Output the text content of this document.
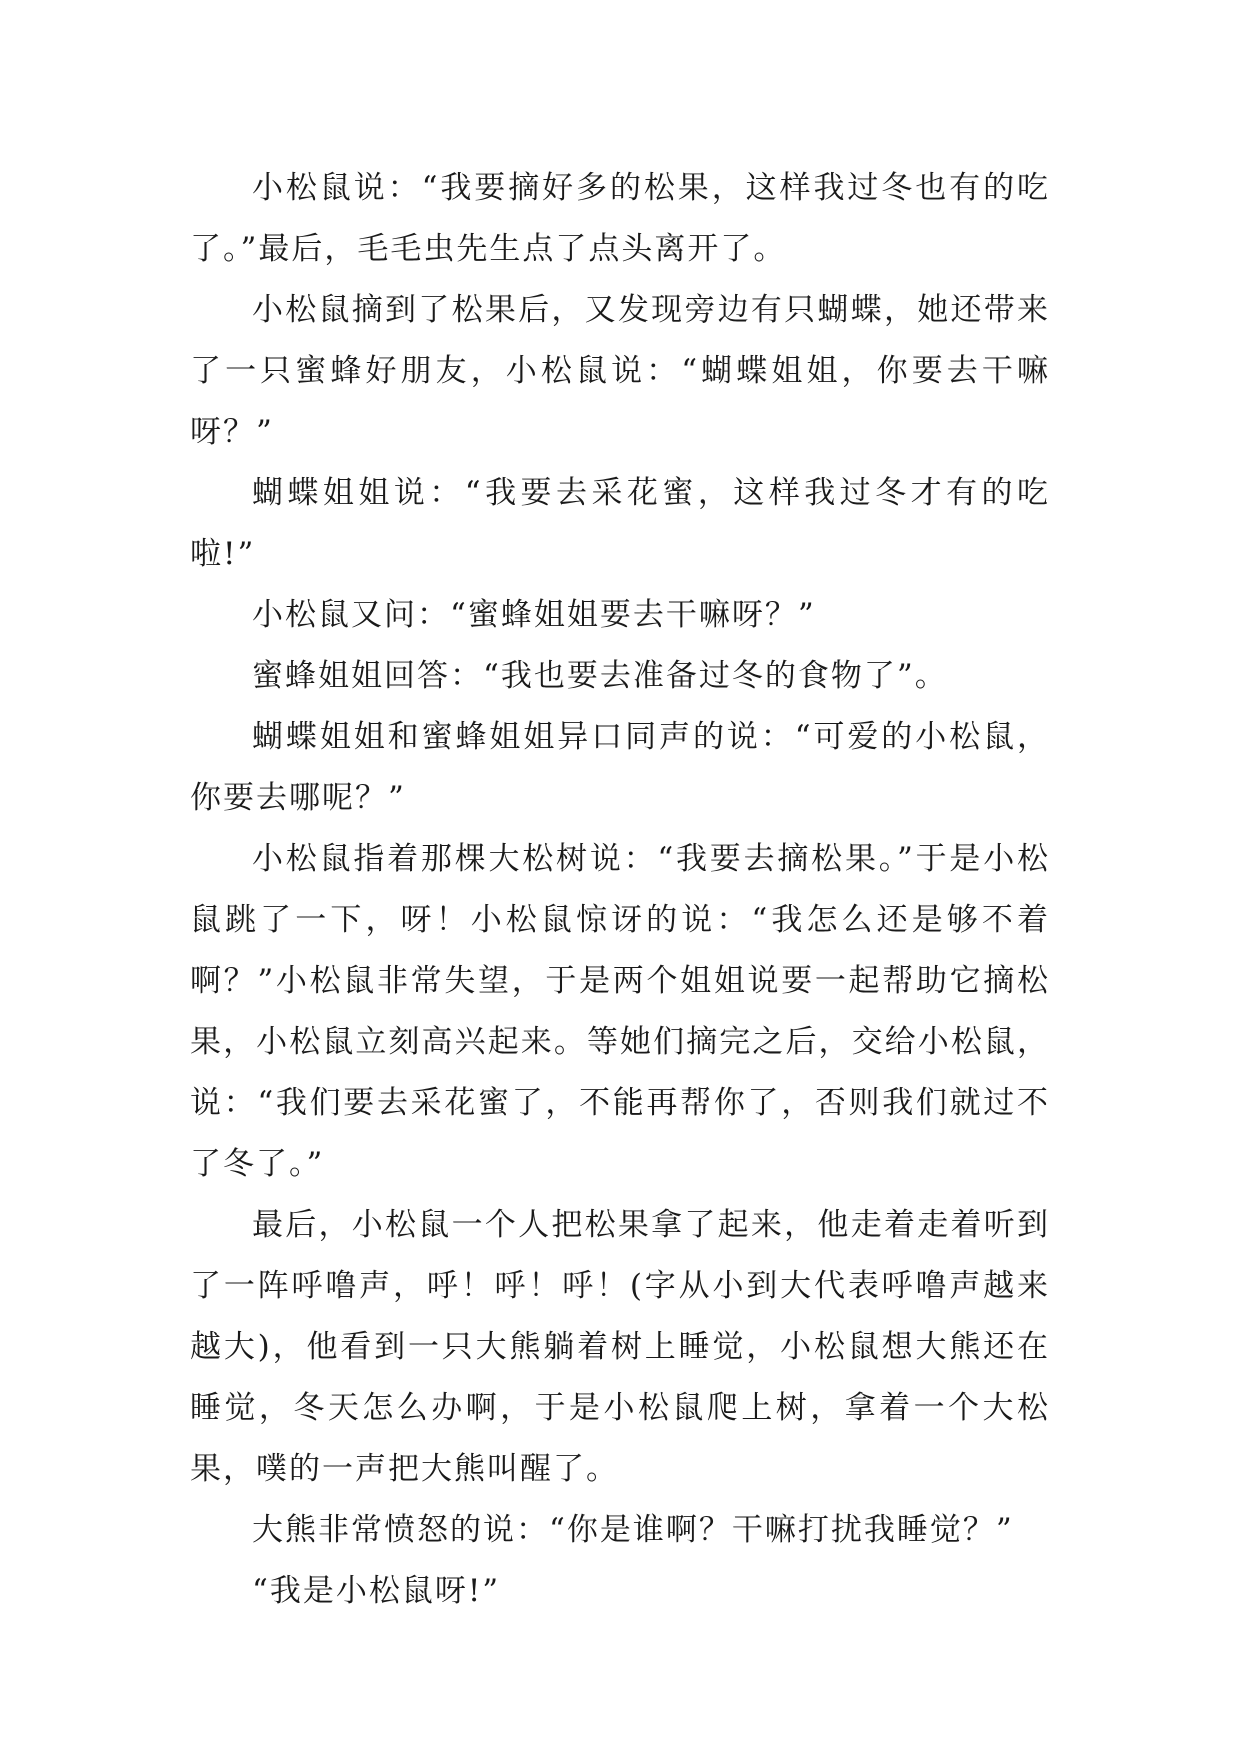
小松鼠说：“我要摘好多的松果，这样我过冬也有的吃了。”最后，毛毛虫先生点了点头离开了。

小松鼠摘到了松果后，又发现旁边有只蝴蝶，她还带来了一只蜜蜂好朋友，小松鼠说：“蝴蝶姐姐，你要去干嘛呀？”

蝴蝶姐姐说：“我要去采花蜜，这样我过冬才有的吃啦!”

小松鼠又问：“蜜蜂姐姐要去干嘛呀？”

蜜蜂姐姐回答：“我也要去准备过冬的食物了”。

蝴蝶姐姐和蜜蜂姐姐异口同声的说：“可爱的小松鼠，你要去哪呢？”

小松鼠指着那棵大松树说：“我要去摘松果。”于是小松鼠跳了一下，呀！小松鼠惊讶的说：“我怎么还是够不着啊？”小松鼠非常失望，于是两个姐姐说要一起帮助它摘松果，小松鼠立刻高兴起来。等她们摘完之后，交给小松鼠，说：“我们要去采花蜜了，不能再帮你了，否则我们就过不了冬了。”

最后，小松鼠一个人把松果拿了起来，他走着走着听到了一阵呼噜声，呼！呼！呼！(字从小到大代表呼噜声越来越大)，他看到一只大熊躺着树上睡觉，小松鼠想大熊还在睡觉，冬天怎么办啊，于是小松鼠爬上树，拿着一个大松果，噗的一声把大熊叫醒了。

大熊非常愤怒的说：“你是谁啊？干嘛打扰我睡觉？”

“我是小松鼠呀!”
